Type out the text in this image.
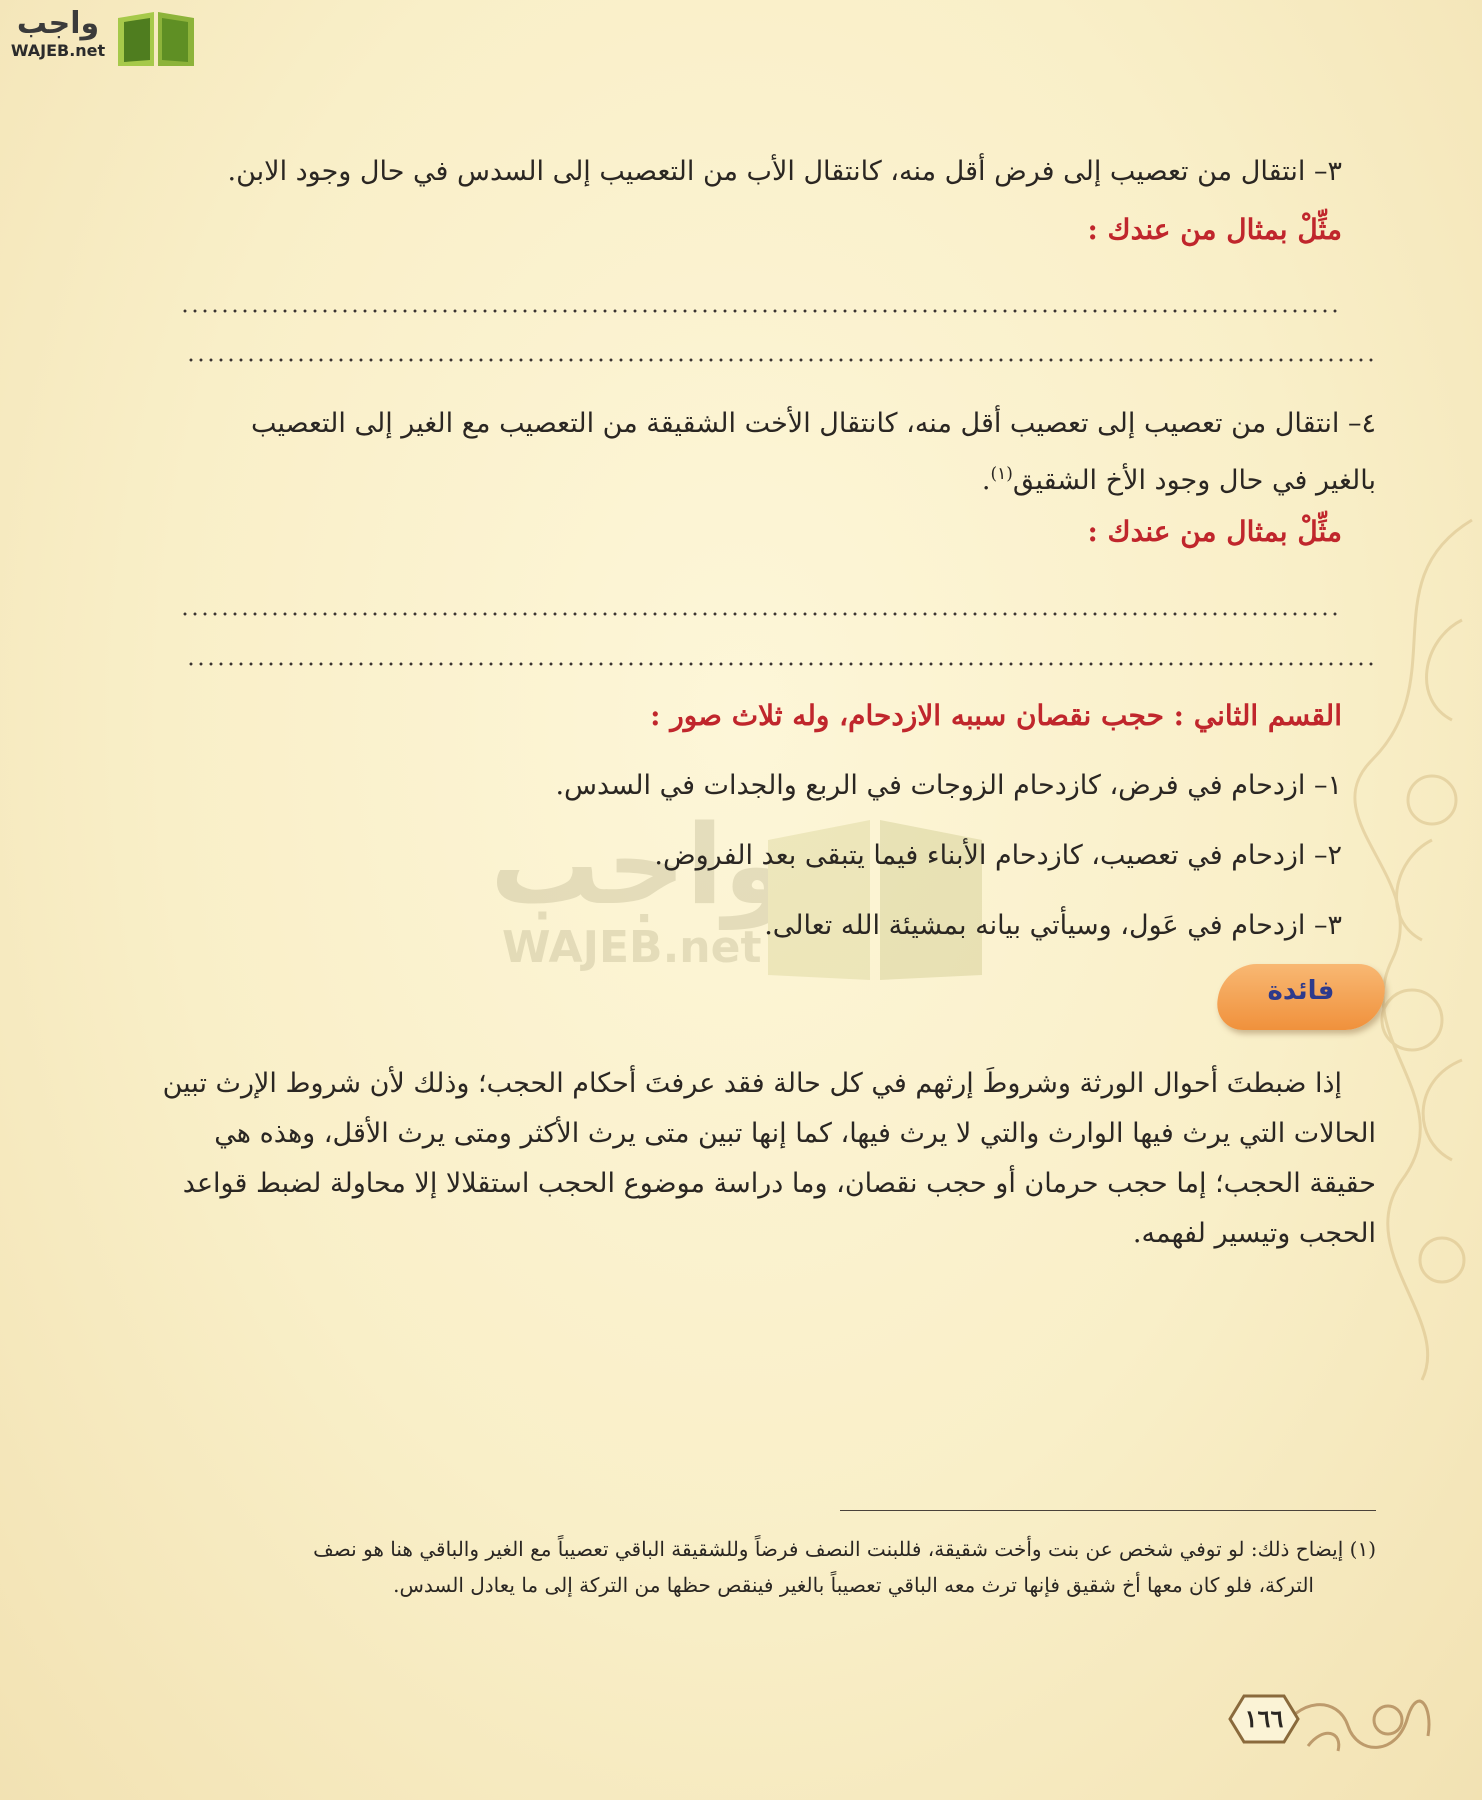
واجب
WAJEB.net
واجب
WAJEB.net
٣– انتقال من تعصيب إلى فرض أقل منه، كانتقال الأب من التعصيب إلى السدس في حال وجود الابن.
مثِّلْ بمثال من عندك :
٤– انتقال من تعصيب إلى تعصيب أقل منه، كانتقال الأخت الشقيقة من التعصيب مع الغير إلى التعصيب
بالغير في حال وجود الأخ الشقيق$^{(١)}$.
مثِّلْ بمثال من عندك :
القسم الثاني : حجب نقصان سببه الازدحام، وله ثلاث صور :
١– ازدحام في فرض، كازدحام الزوجات في الربع والجدات في السدس.
٢– ازدحام في تعصيب، كازدحام الأبناء فيما يتبقى بعد الفروض.
٣– ازدحام في عَول، وسيأتي بيانه بمشيئة الله تعالى.
فائدة
إذا ضبطتَ أحوال الورثة وشروطَ إرثهم في كل حالة فقد عرفتَ أحكام الحجب؛ وذلك لأن شروط الإرث تبين
الحالات التي يرث فيها الوارث والتي لا يرث فيها، كما إنها تبين متى يرث الأكثر ومتى يرث الأقل، وهذه هي
حقيقة الحجب؛ إما حجب حرمان أو حجب نقصان، وما دراسة موضوع الحجب استقلالا إلا محاولة لضبط قواعد
الحجب وتيسير لفهمه.
(١) إيضاح ذلك: لو توفي شخص عن بنت وأخت شقيقة، فللبنت النصف فرضاً وللشقيقة الباقي تعصيباً مع الغير والباقي هنا هو نصف
التركة، فلو كان معها أخ شقيق فإنها ترث معه الباقي تعصيباً بالغير فينقص حظها من التركة إلى ما يعادل السدس.
١٦٦
